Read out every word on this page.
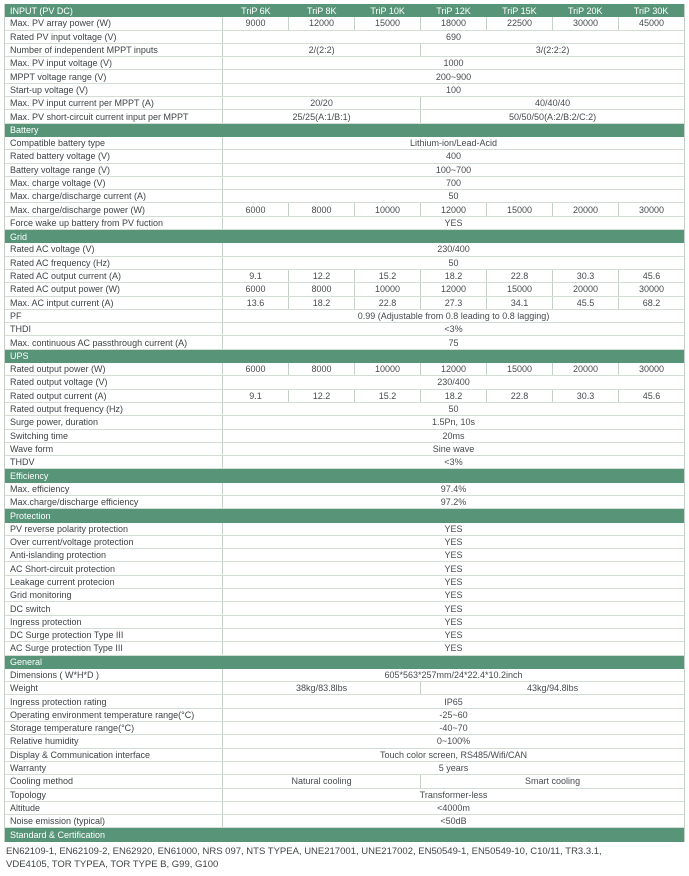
INPUT (PV DC)	TriP 6K	TriP 8K	TriP 10K	TriP 12K	TriP 15K	TriP 20K	TriP 30K
Max. PV array power (W)	9000	12000	15000	18000	22500	30000	45000
Rated PV input voltage (V)	690
Number of independent MPPT inputs	2/(2:2)	3/(2:2:2)
Max. PV input voltage (V)	1000
MPPT voltage range (V)	200~900
Start-up voltage (V)	100
Max. PV input current per MPPT (A)	20/20	40/40/40
Max. PV short-circuit current input per MPPT	25/25(A:1/B:1)	50/50/50(A:2/B:2/C:2)
Battery
Compatible battery type	Lithium-ion/Lead-Acid
Rated battery voltage (V)	400
Battery voltage range (V)	100~700
Max. charge voltage (V)	700
Max. charge/discharge current (A)	50
Max. charge/discharge power (W)	6000	8000	10000	12000	15000	20000	30000
Force wake up battery from PV fuction	YES
Grid
Rated AC voltage (V)	230/400
Rated AC frequency (Hz)	50
Rated AC output current (A)	9.1	12.2	15.2	18.2	22.8	30.3	45.6
Rated AC output power (W)	6000	8000	10000	12000	15000	20000	30000
Max. AC intput current (A)	13.6	18.2	22.8	27.3	34.1	45.5	68.2
PF	0.99 (Adjustable from 0.8 leading to 0.8 lagging)
THDI	<3%
Max. continuous AC passthrough current (A)	75
UPS
Rated output power (W)	6000	8000	10000	12000	15000	20000	30000
Rated output voltage (V)	230/400
Rated output current (A)	9.1	12.2	15.2	18.2	22.8	30.3	45.6
Rated output frequency (Hz)	50
Surge power, duration	1.5Pn, 10s
Switching time	20ms
Wave form	Sine wave
THDV	<3%
Efficiency
Max. efficiency	97.4%
Max.charge/discharge efficiency	97.2%
Protection
PV reverse polarity protection	YES
Over current/voltage protection	YES
Anti-islanding protection	YES
AC Short-circuit protection	YES
Leakage current protecion	YES
Grid monitoring	YES
DC switch	YES
Ingress protection	YES
DC Surge protection Type III	YES
AC Surge protection Type III	YES
General
Dimensions ( W*H*D )	605*563*257mm/24*22.4*10.2inch
Weight	38kg/83.8lbs	43kg/94.8lbs
Ingress protection rating	IP65
Operating environment temperature range(°C)	-25~60
Storage temperature range(°C)	-40~70
Relative humidity	0~100%
Display & Communication interface	Touch color screen, RS485/Wifi/CAN
Warranty	5 years
Cooling method	Natural cooling	Smart cooling
Topology	Transformer-less
Altitude	<4000m
Noise emission (typical)	<50dB
Standard & Certification
EN62109-1, EN62109-2, EN62920, EN61000, NRS 097, NTS TYPEA, UNE217001, UNE217002, EN50549-1, EN50549-10, C10/11, TR3.3.1,
VDE4105, TOR TYPEA, TOR TYPE B, G99, G100
